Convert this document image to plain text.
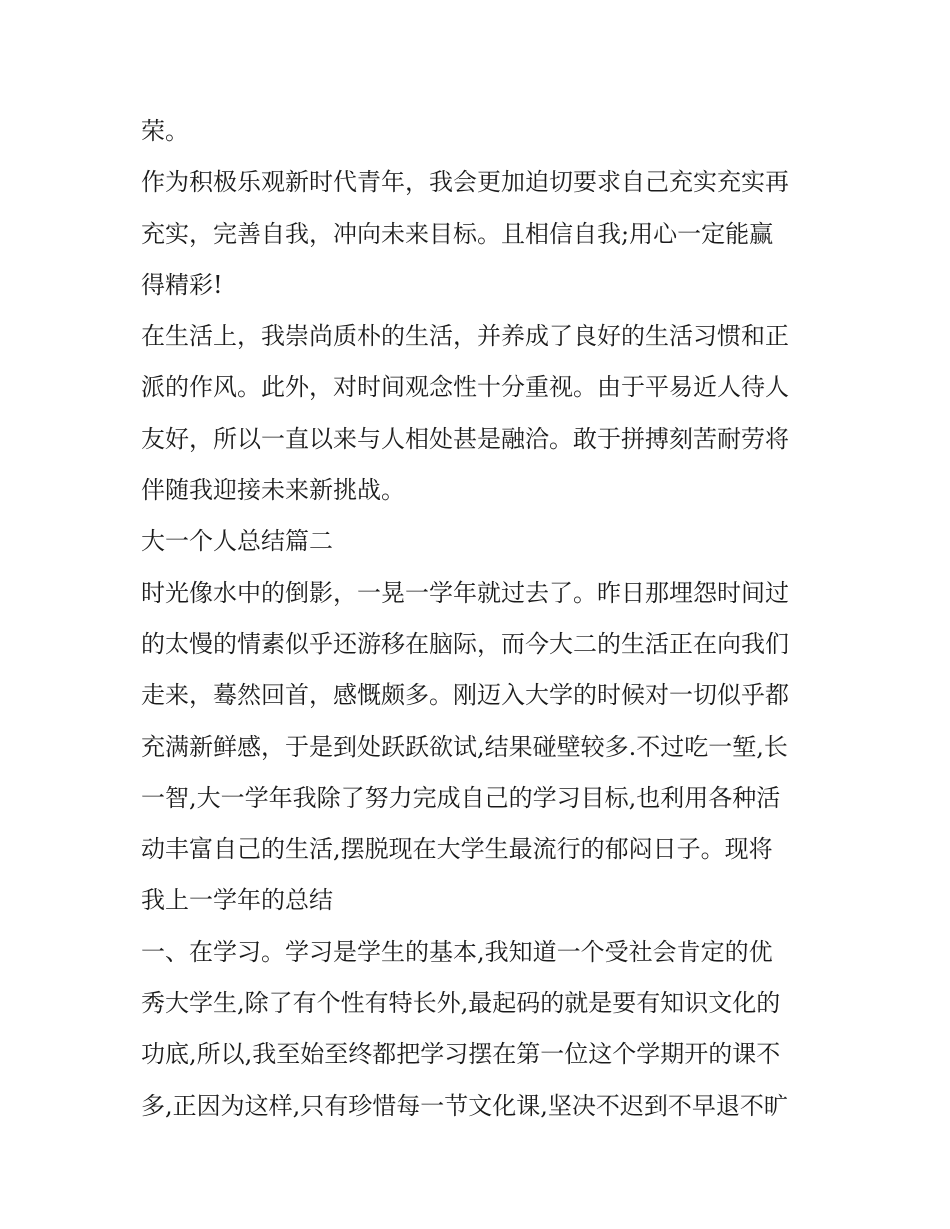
荣。
作为积极乐观新时代青年，我会更加迫切要求自己充实充实再
充实，完善自我，冲向未来目标。且相信自我;用心一定能赢
得精彩!
在生活上，我崇尚质朴的生活，并养成了良好的生活习惯和正
派的作风。此外，对时间观念性十分重视。由于平易近人待人
友好，所以一直以来与人相处甚是融洽。敢于拼搏刻苦耐劳将
伴随我迎接未来新挑战。
大一个人总结篇二
时光像水中的倒影，一晃一学年就过去了。昨日那埋怨时间过
的太慢的情素似乎还游移在脑际，而今大二的生活正在向我们
走来，蓦然回首，感慨颇多。刚迈入大学的时候对一切似乎都
充满新鲜感，于是到处跃跃欲试,结果碰壁较多.不过吃一堑,长
一智,大一学年我除了努力完成自己的学习目标,也利用各种活
动丰富自己的生活,摆脱现在大学生最流行的郁闷日子。现将
我上一学年的总结
一、在学习。学习是学生的基本,我知道一个受社会肯定的优
秀大学生,除了有个性有特长外,最起码的就是要有知识文化的
功底,所以,我至始至终都把学习摆在第一位这个学期开的课不
多,正因为这样,只有珍惜每一节文化课,坚决不迟到不早退不旷
